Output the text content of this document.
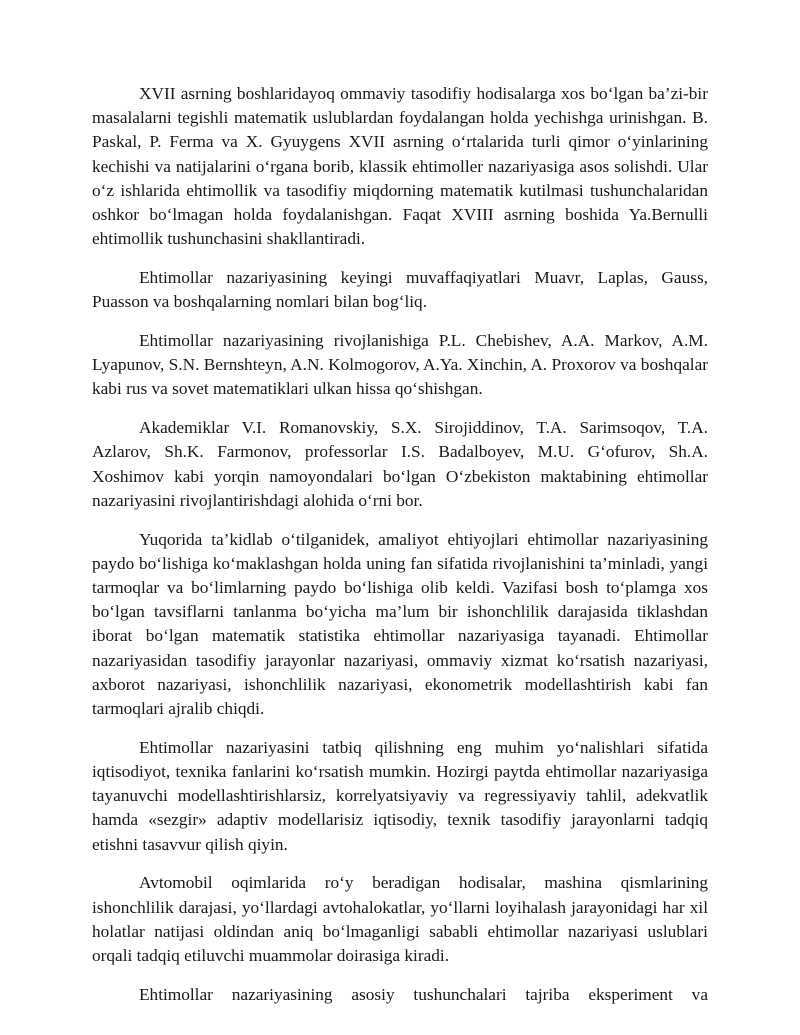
XVII asrning boshlaridayoq ommaviy tasodifiy hodisalarga xos bo‘lgan ba’zi-bir masalalarni tegishli matematik uslublardan foydalangan holda yechishga urinishgan. B. Paskal, P. Ferma va X. Gyuygens XVII asrning o‘rtalarida turli qimor o‘yinlarining kechishi va natijalarini o‘rgana borib, klassik ehtimoller nazariyasiga asos solishdi. Ular o‘z ishlarida ehtimollik va tasodifiy miqdorning matematik kutilmasi tushunchalaridan oshkor bo‘lmagan holda foydalanishgan. Faqat XVIII asrning boshida Ya.Bernulli ehtimollik tushunchasini shakllantiradi.

Ehtimollar nazariyasining keyingi muvaffaqiyatlari Muavr, Laplas, Gauss, Puasson va boshqalarning nomlari bilan bog‘liq.

Ehtimollar nazariyasining rivojlanishiga P.L. Chebishev, A.A. Markov, A.M. Lyapunov, S.N. Bernshteyn, A.N. Kolmogorov, A.Ya. Xinchin, A. Proxorov va boshqalar kabi rus va sovet matematiklari ulkan hissa qo‘shishgan.

Akademiklar V.I. Romanovskiy, S.X. Sirojiddinov, T.A. Sarimsoqov, T.A. Azlarov, Sh.K. Farmonov, professorlar I.S. Badalboyev, M.U. G‘ofurov, Sh.A. Xoshimov kabi yorqin namoyondalari bo‘lgan O‘zbekiston maktabining ehtimollar nazariyasini rivojlantirishdagi alohida o‘rni bor.

Yuqorida ta’kidlab o‘tilganidek, amaliyot ehtiyojlari ehtimollar nazariyasining paydo bo‘lishiga ko‘maklashgan holda uning fan sifatida rivojlanishini ta’minladi, yangi tarmoqlar va bo‘limlarning paydo bo‘lishiga olib keldi. Vazifasi bosh to‘plamga xos bo‘lgan tavsiflarni tanlanma bo‘yicha ma’lum bir ishonchlilik darajasida tiklashdan iborat bo‘lgan matematik statistika ehtimollar nazariyasiga tayanadi. Ehtimollar nazariyasidan tasodifiy jarayonlar nazariyasi, ommaviy xizmat ko‘rsatish nazariyasi, axborot nazariyasi, ishonchlilik nazariyasi, ekonometrik modellashtirish kabi fan tarmoqlari ajralib chiqdi.

Ehtimollar nazariyasini tatbiq qilishning eng muhim yo‘nalishlari sifatida iqtisodiyot, texnika fanlarini ko‘rsatish mumkin. Hozirgi paytda ehtimollar nazariyasiga tayanuvchi modellashtirishlarsiz, korrelyatsiyaviy va regressiyaviy tahlil, adekvatlik hamda «sezgir» adaptiv modellarisiz iqtisodiy, texnik tasodifiy jarayonlarni tadqiq etishni tasavvur qilish qiyin.

Avtomobil oqimlarida ro‘y beradigan hodisalar, mashina qismlarining ishonchlilik darajasi, yo‘llardagi avtohalokatlar, yo‘llarni loyihalash jarayonidagi har xil holatlar natijasi oldindan aniq bo‘lmaganligi sababli ehtimollar nazariyasi uslublari orqali tadqiq etiluvchi muammolar doirasiga kiradi.

Ehtimollar nazariyasining asosiy tushunchalari tajriba eksperiment va
